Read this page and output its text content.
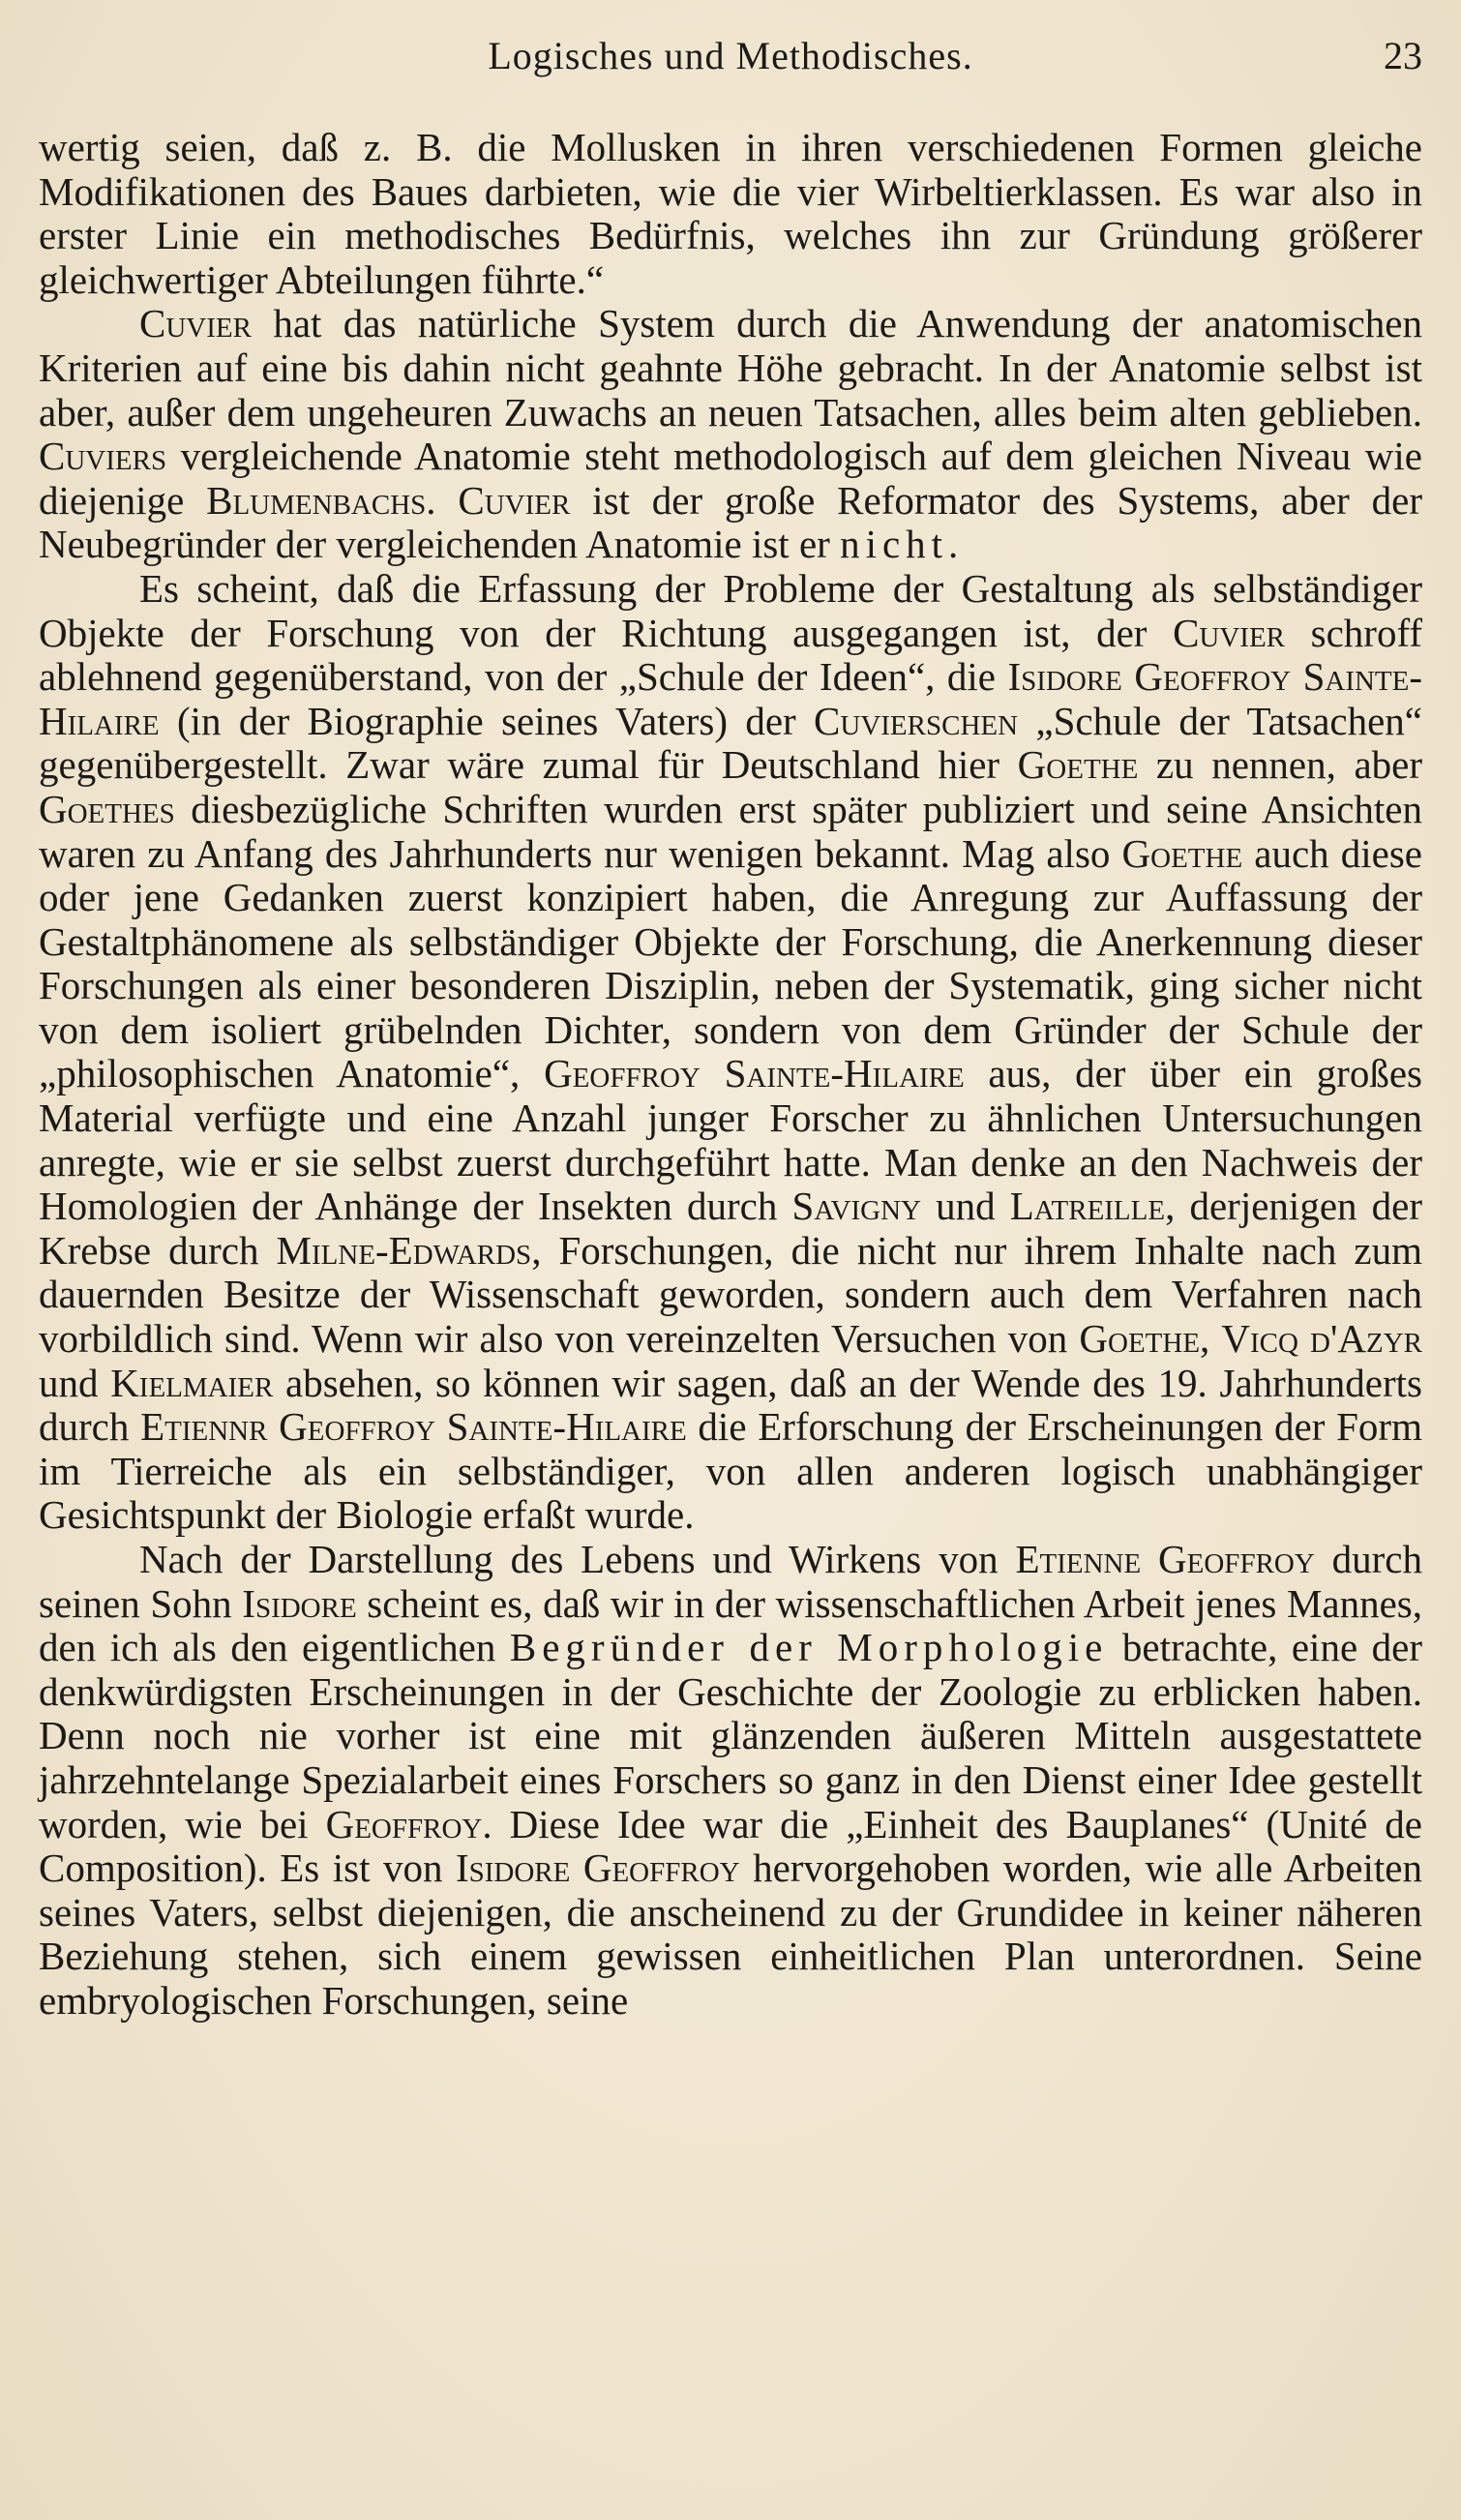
Logisches und Methodisches.	23

wertig seien, daß z. B. die Mollusken in ihren verschiedenen Formen gleiche Modifikationen des Baues darbieten, wie die vier Wirbeltierklassen. Es war also in erster Linie ein methodisches Bedürfnis, welches ihn zur Gründung größerer gleichwertiger Abteilungen führte.“

Cuvier hat das natürliche System durch die Anwendung der anatomischen Kriterien auf eine bis dahin nicht geahnte Höhe gebracht. In der Anatomie selbst ist aber, außer dem ungeheuren Zuwachs an neuen Tatsachen, alles beim alten geblieben. Cuviers vergleichende Anatomie steht methodologisch auf dem gleichen Niveau wie diejenige Blumenbachs. Cuvier ist der große Reformator des Systems, aber der Neubegründer der vergleichenden Anatomie ist er nicht.

Es scheint, daß die Erfassung der Probleme der Gestaltung als selbständiger Objekte der Forschung von der Richtung ausgegangen ist, der Cuvier schroff ablehnend gegenüberstand, von der „Schule der Ideen“, die Isidore Geoffroy Sainte-Hilaire (in der Biographie seines Vaters) der Cuvierschen „Schule der Tatsachen“ gegenübergestellt. Zwar wäre zumal für Deutschland hier Goethe zu nennen, aber Goethes diesbezügliche Schriften wurden erst später publiziert und seine Ansichten waren zu Anfang des Jahrhunderts nur wenigen bekannt. Mag also Goethe auch diese oder jene Gedanken zuerst konzipiert haben, die Anregung zur Auffassung der Gestaltphänomene als selbständiger Objekte der Forschung, die Anerkennung dieser Forschungen als einer besonderen Disziplin, neben der Systematik, ging sicher nicht von dem isoliert grübelnden Dichter, sondern von dem Gründer der Schule der „philosophischen Anatomie“, Geoffroy Sainte-Hilaire aus, der über ein großes Material verfügte und eine Anzahl junger Forscher zu ähnlichen Untersuchungen anregte, wie er sie selbst zuerst durchgeführt hatte. Man denke an den Nachweis der Homologien der Anhänge der Insekten durch Savigny und Latreille, derjenigen der Krebse durch Milne-Edwards, Forschungen, die nicht nur ihrem Inhalte nach zum dauernden Besitze der Wissenschaft geworden, sondern auch dem Verfahren nach vorbildlich sind. Wenn wir also von vereinzelten Versuchen von Goethe, Vicq d'Azyr und Kielmaier absehen, so können wir sagen, daß an der Wende des 19. Jahrhunderts durch Etiennr Geoffroy Sainte-Hilaire die Erforschung der Erscheinungen der Form im Tierreiche als ein selbständiger, von allen anderen logisch unabhängiger Gesichtspunkt der Biologie erfaßt wurde.

Nach der Darstellung des Lebens und Wirkens von Etienne Geoffroy durch seinen Sohn Isidore scheint es, daß wir in der wissenschaftlichen Arbeit jenes Mannes, den ich als den eigentlichen Begründer der Morphologie betrachte, eine der denkwürdigsten Erscheinungen in der Geschichte der Zoologie zu erblicken haben. Denn noch nie vorher ist eine mit glänzenden äußeren Mitteln ausgestattete jahrzehntelange Spezialarbeit eines Forschers so ganz in den Dienst einer Idee gestellt worden, wie bei Geoffroy. Diese Idee war die „Einheit des Bauplanes“ (Unité de Composition). Es ist von Isidore Geoffroy hervorgehoben worden, wie alle Arbeiten seines Vaters, selbst diejenigen, die anscheinend zu der Grundidee in keiner näheren Beziehung stehen, sich einem gewissen einheitlichen Plan unterordnen. Seine embryologischen Forschungen, seine
